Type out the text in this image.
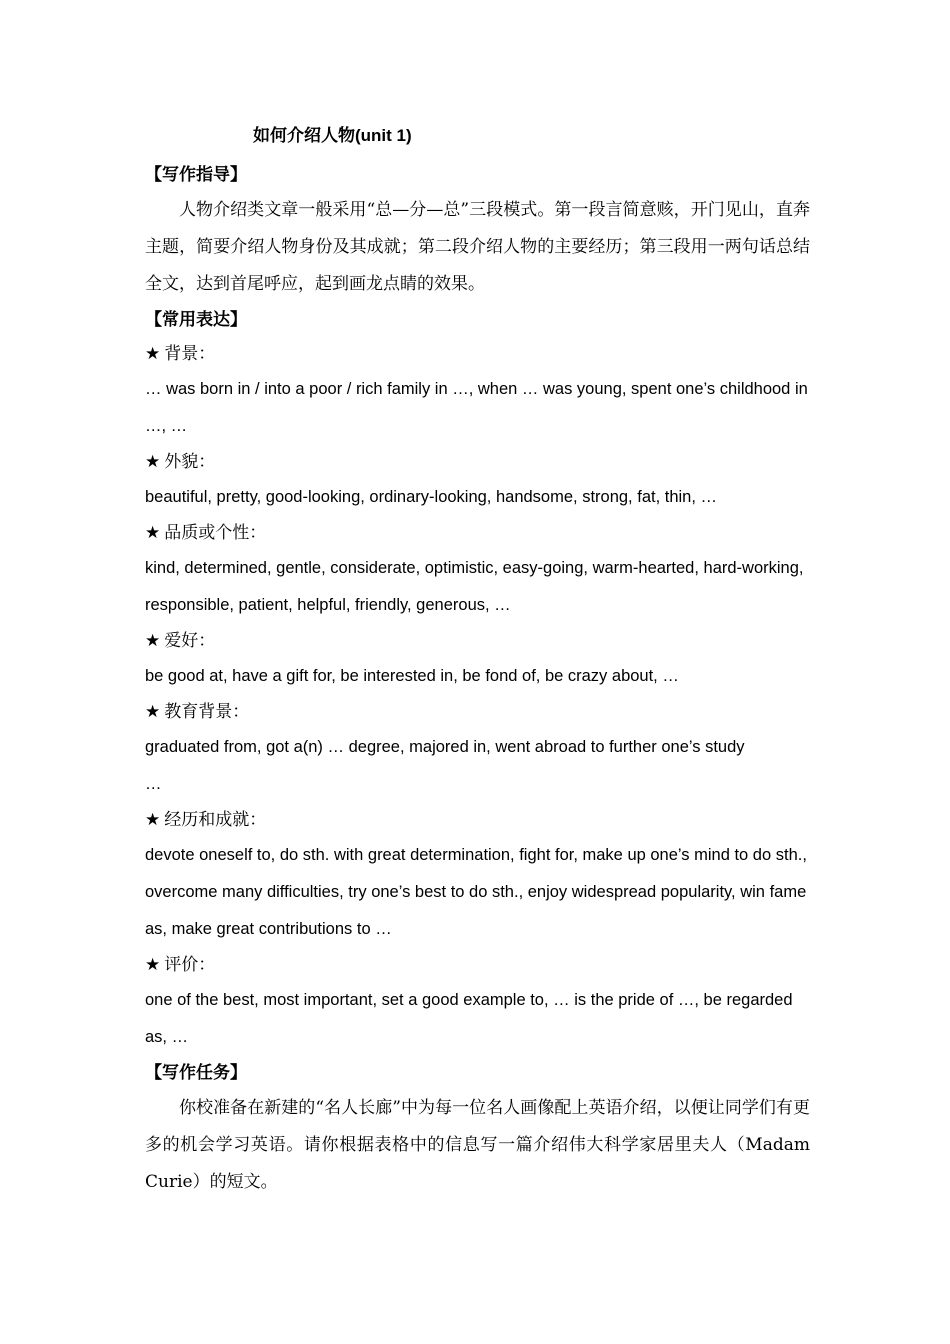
如何介绍人物(unit 1)
【写作指导】
人物介绍类文章一般采用“总—分—总”三段模式。第一段言简意赅，开门见山，直奔主题，简要介绍人物身份及其成就；第二段介绍人物的主要经历；第三段用一两句话总结全文，达到首尾呼应，起到画龙点睛的效果。
【常用表达】
★ 背景：
… was born in / into a poor / rich family in …, when … was young, spent one’s childhood in …, …
★ 外貌：
beautiful, pretty, good-looking, ordinary-looking, handsome, strong, fat, thin, …
★ 品质或个性：
kind, determined, gentle, considerate, optimistic, easy-going, warm-hearted, hard-working, responsible, patient, helpful, friendly, generous, …
★ 爱好：
be good at, have a gift for, be interested in, be fond of, be crazy about, …
★ 教育背景：
graduated from, got a(n) … degree, majored in, went abroad to further one’s study …
★ 经历和成就：
devote oneself to, do sth. with great determination, fight for, make up one’s mind to do sth., overcome many difficulties, try one’s best to do sth., enjoy widespread popularity, win fame as, make great contributions to …
★ 评价：
one of the best, most important, set a good example to, … is the pride of …, be regarded as, …
【写作任务】
你校准备在新建的“名人长廊”中为每一位名人画像配上英语介绍，以便让同学们有更多的机会学习英语。请你根据表格中的信息写一篇介绍伟大科学家居里夫人（Madam Curie）的短文。
